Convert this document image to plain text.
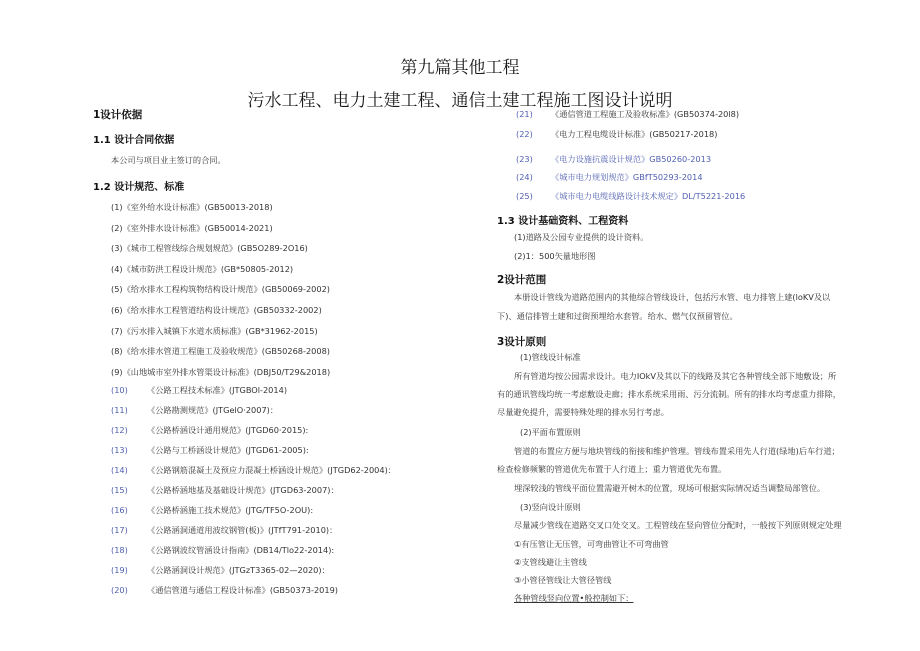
第九篇其他工程
污水工程、电力土建工程、通信土建工程施工图设计说明
1设计依据
1.1 设计合同依据
本公司与项目业主签订的合同。
1.2 设计规范、标准
(1)《室外给水设计标准》(GB50013-2018)
(2)《室外排水设计标准》(GB50014-2021)
(3)《城市工程管线综合规划规范》(GB5O289-2O16)
(4)《城市防洪工程设计规范》(GB*50805-2012)
(5)《给水排水工程构筑物结构设计规范》(GB50069-2002)
(6)《给水排水工程管道结构设计规范》(GB50332-2002)
(7)《污水排入城镇下水道水质标准》(GB*31962-2015)
(8)《给水排水管道工程施工及验收规范》(GB50268-2008)
(9)《山地城市室外排水管渠设计标准》(DBJ50/T29&2018)
(10) 《公路工程技术标准》(JTGBOl-2014)
(11) 《公路勘测规范》(JTGelO·2007)：
(12) 《公路桥涵设计通用规范》(JTGD60·2015):
(13) 《公路与工桥涵设计规范》(JTGD61-2005):
(14) 《公路钢筋混凝土及预应力混凝土桥涵设计规范》(JTGD62-2004)：
(15) 《公路桥涵地基及基础设计规范》(JTGD63-2007)：
(16) 《公路桥涵施工技术规范》(JTG/TF5O-2OU):
(17) 《公路涵洞通道用波纹钢管(板)》(JTfT791-2010)：
(18) 《公路钢波纹管涵设计指南》(DB14/Tlo22-2014):
(19) 《公路涵洞设计规范》(JTGzT3365-02—2020)：
(20) 《通信管道与通信工程设计标准》(GB50373-2019)
(21) 《通信管道工程施工及验收标准》(GB50374-20l8)
(22) 《电力工程电缆设计标准》(GB50217-2018)
(23) 《电力设施抗震设计规范》GB50260-2013
(24) 《城市电力规划规范》GBfT50293-2014
(25) 《城市电力电缆线路设计技术规定》DL/T5221-2016
1.3 设计基础资料、工程资料
(1)道路及公园专业提供的设计资料。
(2)1：500矢量地形图
2设计范围
本册设计管线为道路范围内的其他综合管线设计，包括污水管、电力排管上建(loKV及以
下)、通信排管土建和过街预埋给水套管。给水、燃气仅预留管位。
3设计原则
(1)管线设计标准
所有管道均按公园需求设计。电力IOkV及其以下的线路及其它各种管线全部下地敷设；所
有的通讯管线均统一考虑敷设走廊；排水系统采用雨、污分流制。所有的排水均考虑重力排除，
尽量避免提升，需要特殊处理的排水另行考虑。
(2)平面布置原则
管道的布置应方便与地块管线的衔接和维护管理。管线布置采用先人行道(绿地)后车行道；
检查检修频繁的管道优先布置于人行道上；重力管道优先布置。
埋深较浅的管线平面位置需避开树木的位置，现场可根据实际情况适当调整局部管位。
(3)竖向设计原则
尽量减少管线在道路交叉口处交叉。工程管线在竖向管位分配时，一般按下列原则规定处理
①有压管让无压管，可弯曲管让不可弯曲管
②支管线避让主管线
③小管径管线让大管径管线
各种管线竖向位置•般控制如下：
